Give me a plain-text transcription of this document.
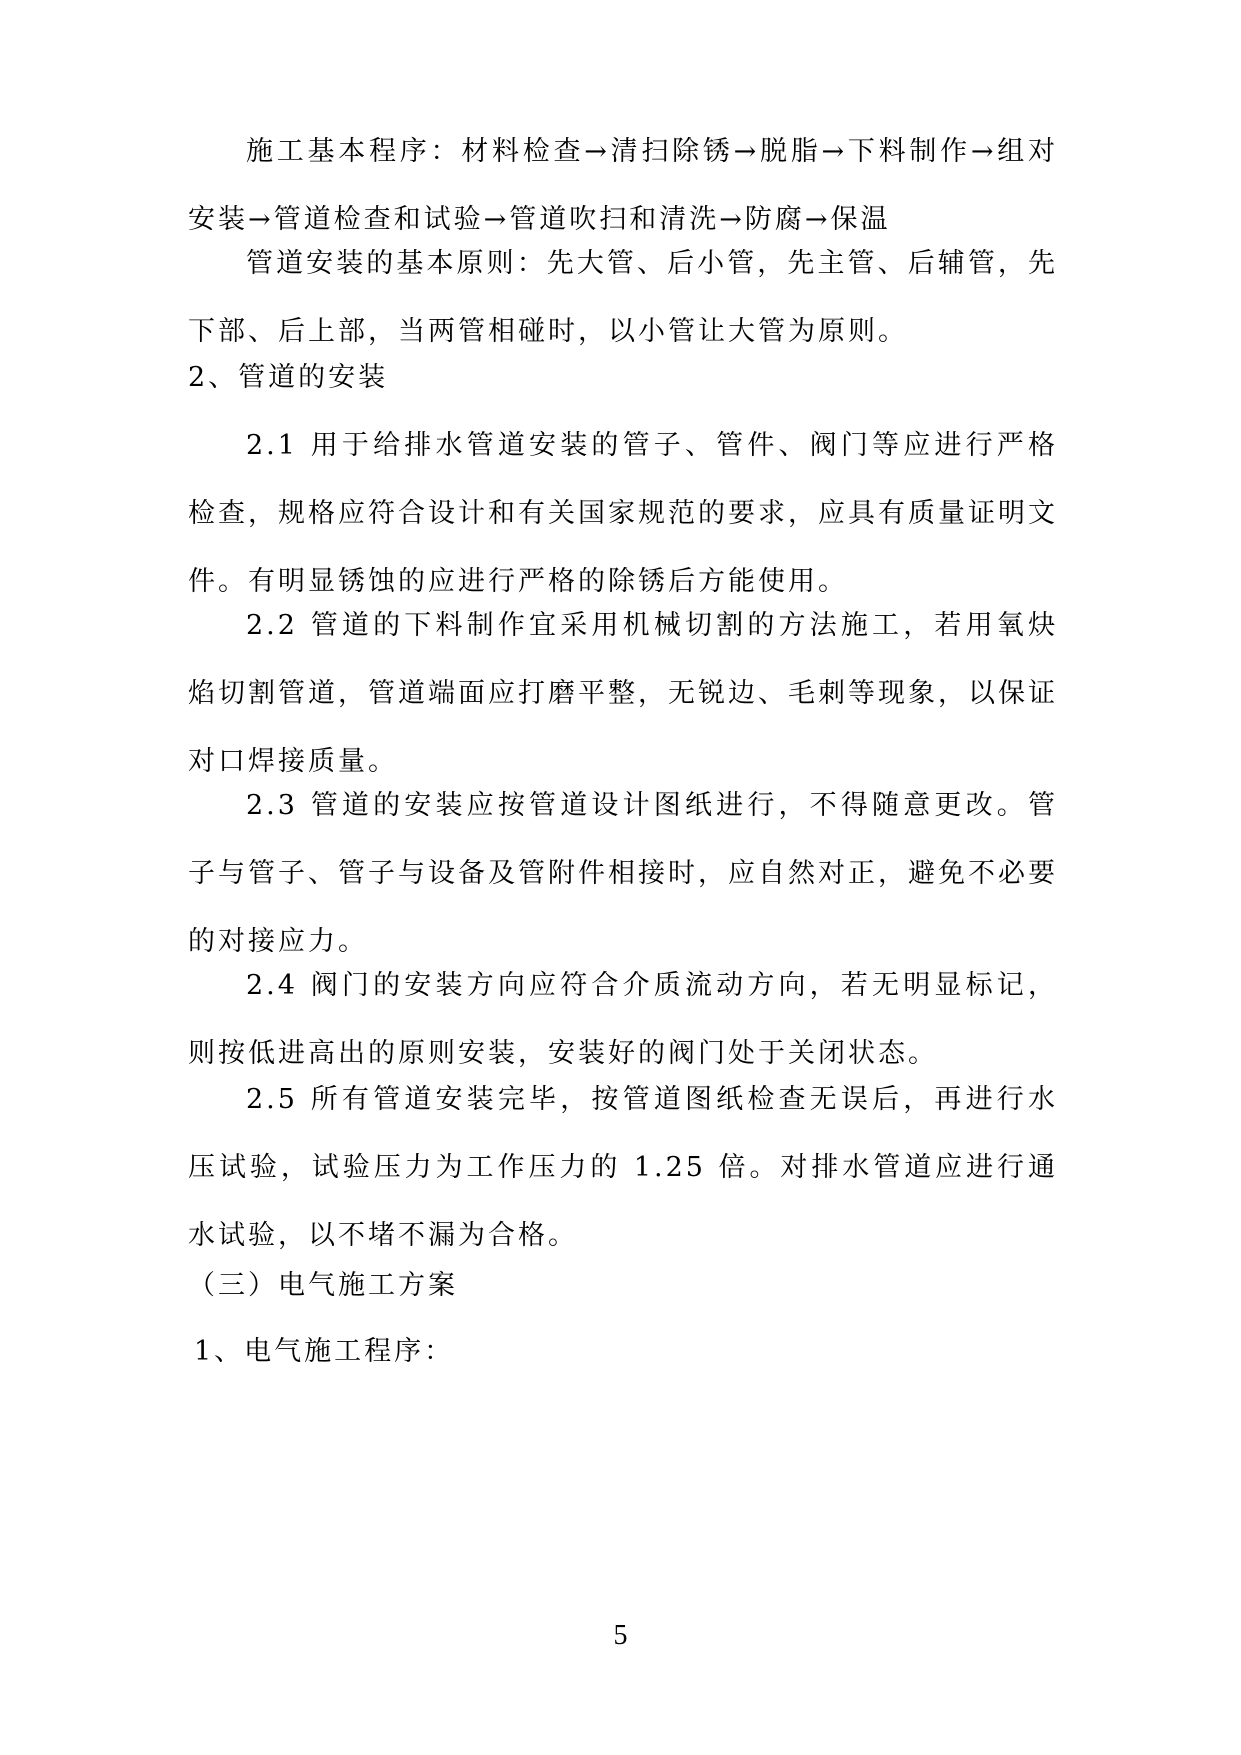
施工基本程序：材料检查→清扫除锈→脱脂→下料制作→组对安装→管道检查和试验→管道吹扫和清洗→防腐→保温

管道安装的基本原则：先大管、后小管，先主管、后辅管，先下部、后上部，当两管相碰时，以小管让大管为原则。

2、管道的安装

2.1 用于给排水管道安装的管子、管件、阀门等应进行严格检查，规格应符合设计和有关国家规范的要求，应具有质量证明文件。有明显锈蚀的应进行严格的除锈后方能使用。

2.2 管道的下料制作宜采用机械切割的方法施工，若用氧炔焰切割管道，管道端面应打磨平整，无锐边、毛刺等现象，以保证对口焊接质量。

2.3 管道的安装应按管道设计图纸进行，不得随意更改。管子与管子、管子与设备及管附件相接时，应自然对正，避免不必要的对接应力。

2.4 阀门的安装方向应符合介质流动方向，若无明显标记，则按低进高出的原则安装，安装好的阀门处于关闭状态。

2.5 所有管道安装完毕，按管道图纸检查无误后，再进行水压试验，试验压力为工作压力的 1.25 倍。对排水管道应进行通水试验，以不堵不漏为合格。

（三）电气施工方案

1、电气施工程序：

5
